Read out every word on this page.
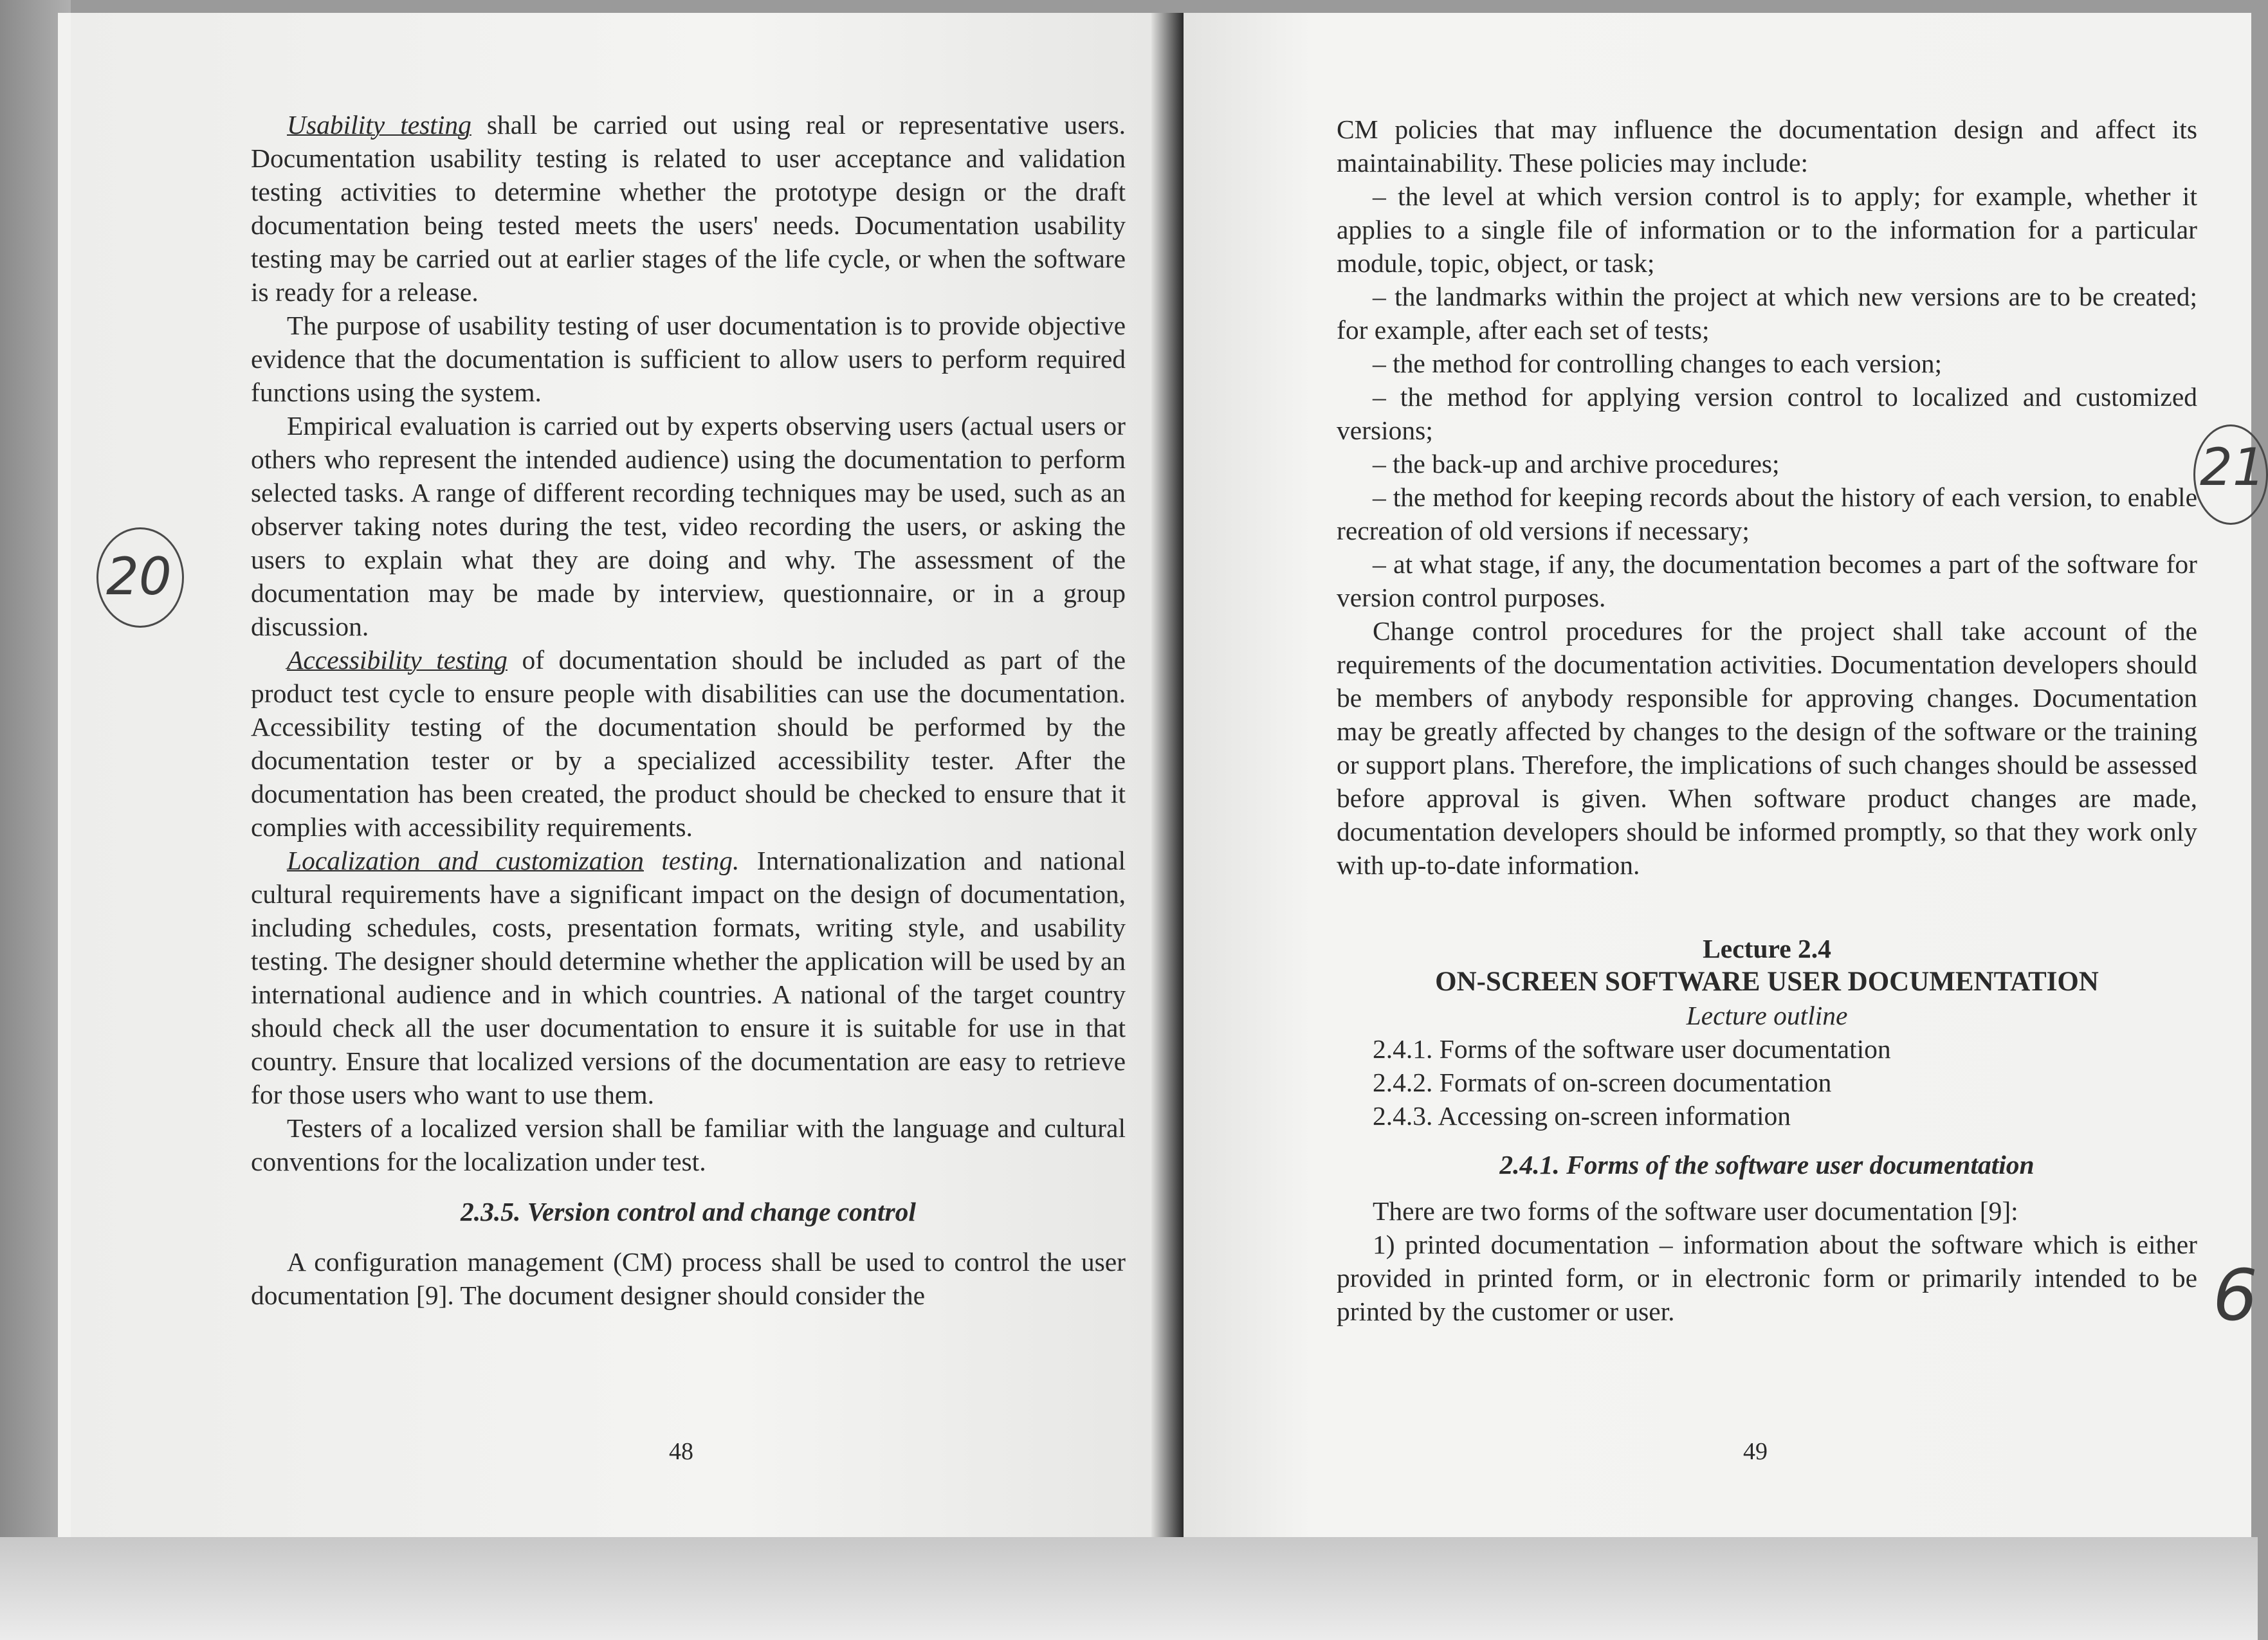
Usability testing shall be carried out using real or representative users. Documentation usability testing is related to user acceptance and validation testing activities to determine whether the prototype design or the draft documentation being tested meets the users' needs. Documentation usability testing may be carried out at earlier stages of the life cycle, or when the software is ready for a release.

The purpose of usability testing of user documentation is to provide objective evidence that the documentation is sufficient to allow users to perform required functions using the system.

Empirical evaluation is carried out by experts observing users (actual users or others who represent the intended audience) using the documentation to perform selected tasks. A range of different recording techniques may be used, such as an observer taking notes during the test, video recording the users, or asking the users to explain what they are doing and why. The assessment of the documentation may be made by interview, questionnaire, or in a group discussion.

Accessibility testing of documentation should be included as part of the product test cycle to ensure people with disabilities can use the documentation. Accessibility testing of the documentation should be performed by the documentation tester or by a specialized accessibility tester. After the documentation has been created, the product should be checked to ensure that it complies with accessibility requirements.

Localization and customization testing. Internationalization and national cultural requirements have a significant impact on the design of documentation, including schedules, costs, presentation formats, writing style, and usability testing. The designer should determine whether the application will be used by an international audience and in which countries. A national of the target country should check all the user documentation to ensure it is suitable for use in that country. Ensure that localized versions of the documentation are easy to retrieve for those users who want to use them.

Testers of a localized version shall be familiar with the language and cultural conventions for the localization under test.

2.3.5. Version control and change control

A configuration management (CM) process shall be used to control the user documentation [9]. The document designer should consider the

48
20

CM policies that may influence the documentation design and affect its maintainability. These policies may include:

– the level at which version control is to apply; for example, whether it applies to a single file of information or to the information for a particular module, topic, object, or task;

– the landmarks within the project at which new versions are to be created; for example, after each set of tests;

– the method for controlling changes to each version;

– the method for applying version control to localized and customized versions;

– the back-up and archive procedures;

– the method for keeping records about the history of each version, to enable recreation of old versions if necessary;

– at what stage, if any, the documentation becomes a part of the software for version control purposes.

Change control procedures for the project shall take account of the requirements of the documentation activities. Documentation developers should be members of anybody responsible for approving changes. Documentation may be greatly affected by changes to the design of the software or the training or support plans. Therefore, the implications of such changes should be assessed before approval is given. When software product changes are made, documentation developers should be informed promptly, so that they work only with up-to-date information.

Lecture 2.4

ON-SCREEN SOFTWARE USER DOCUMENTATION

Lecture outline

2.4.1. Forms of the software user documentation

2.4.2. Formats of on-screen documentation

2.4.3. Accessing on-screen information

2.4.1. Forms of the software user documentation

There are two forms of the software user documentation [9]:

1) printed documentation – information about the software which is either provided in printed form, or in electronic form or primarily intended to be printed by the customer or user.

49
21
6
